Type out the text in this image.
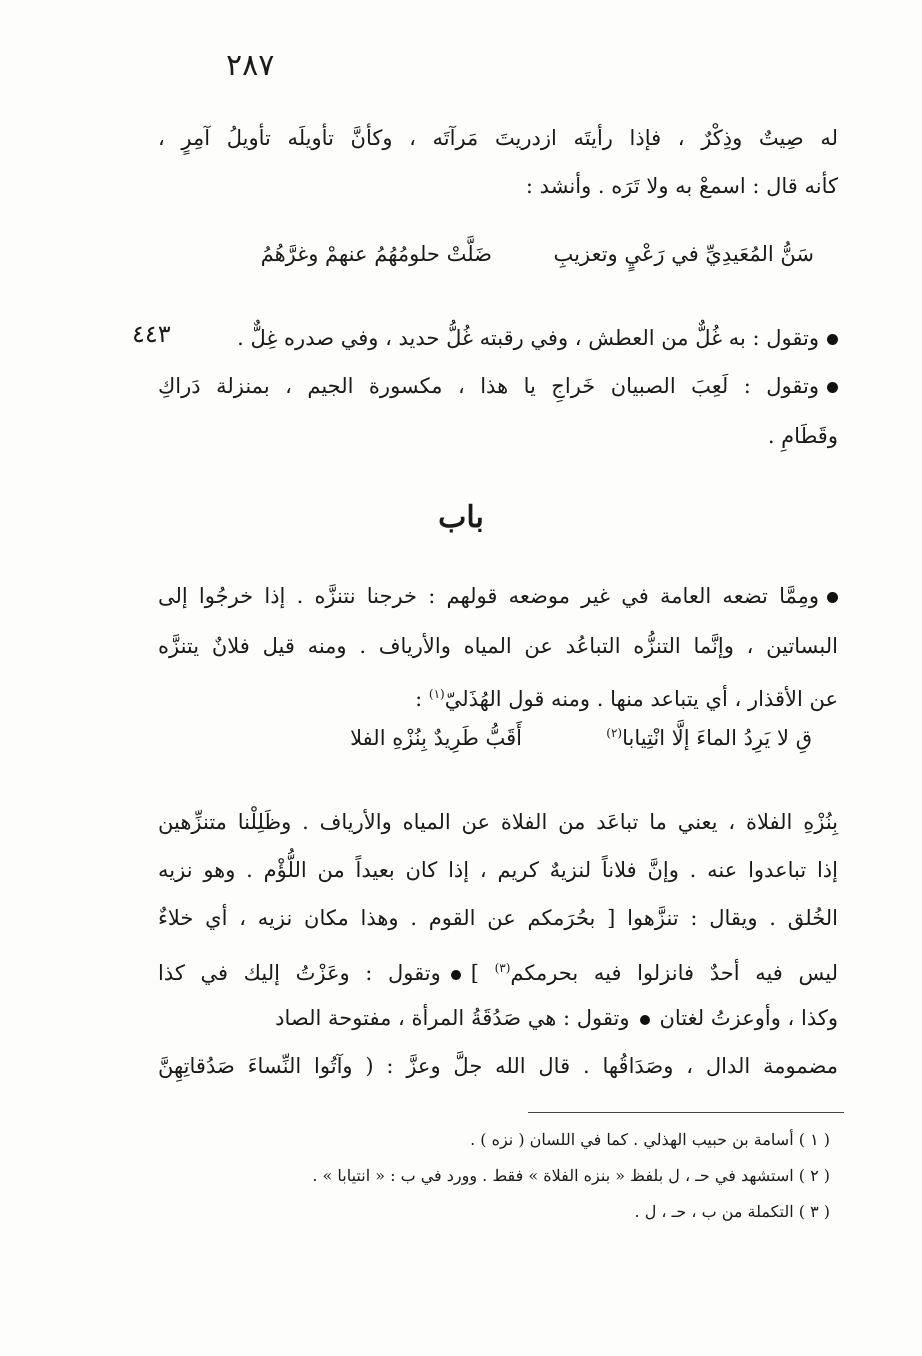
٢٨٧
له صِيتٌ وذِكْرٌ ، فإذا رأيتَه ازدريتَ مَرآتَه ، وكأنَّ تأويلَه تأويلُ آمِرٍ ،
كأنه قال : اسمعْ به ولا تَرَه . وأنشد :
سَنُّ المُعَيدِيِّ في رَعْيٍ وتعزيبِ
ضَلَّتْ حلومُهُمُ عنهمْ وغرَّهُمُ
٤٤٣	وتقول : به غُلٌّ من العطش ، وفي رقبته غُلُّ حديد ، وفي صدره غِلٌّ .
وتقول : لَعِبَ الصبيان خَراجِ يا هذا ، مكسورة الجيم ، بمنزلة دَراكِ
وقَطَامِ .
باب
ومِمَّا تضعه العامة في غير موضعه قولهم : خرجنا نتنزَّه . إذا خرجُوا إلى
البساتين ، وإنَّما التنزُّه التباعُد عن المياه والأرياف . ومنه قيل فلانٌ يتنزَّه
عن الأقذار ، أي يتباعد منها . ومنه قول الهُذَليّ$^{(١)}$ :
أَقَبُّ طَرِيدٌ بِنُزْهِ الفلا	قِ لا يَرِدُ الماءَ إلَّا انْتِيابا$^{(٢)}$
بِنُزْهِ الفلاة ، يعني ما تباعَد من الفلاة عن المياه والأرياف . وظَلِلْنا متنزِّهين
إذا تباعدوا عنه . وإنَّ فلاناً لنزيهٌ كريم ، إذا كان بعيداً من اللُّؤْم . وهو نزيه
الخُلق . ويقال : تنزَّهوا [ بحُرَمكم عن القوم . وهذا مكان نزيه ، أي خلاءٌ
ليس فيه أحدٌ فانزلوا فيه بحرمكم$^{(٣)}$ ]وتقول : وعَزْتُ إليك في كذا
وكذا ، وأوعزتُ لغتانوتقول : هي صَدُقَةُ المرأة ، مفتوحة الصاد
مضمومة الدال ، وصَدَاقُها . قال الله جلَّ وعزَّ : ( وآتُوا النِّساءَ صَدُقاتِهِنَّ
( ١ ) أسامة بن حبيب الهذلي . كما في اللسان ( نزه ) .
( ٢ ) استشهد في حـ ، ل بلفظ « بنزه الفلاة » فقط . وورد في ب : « انتيابا » .
( ٣ ) التكملة من ب ، حـ ، ل .
